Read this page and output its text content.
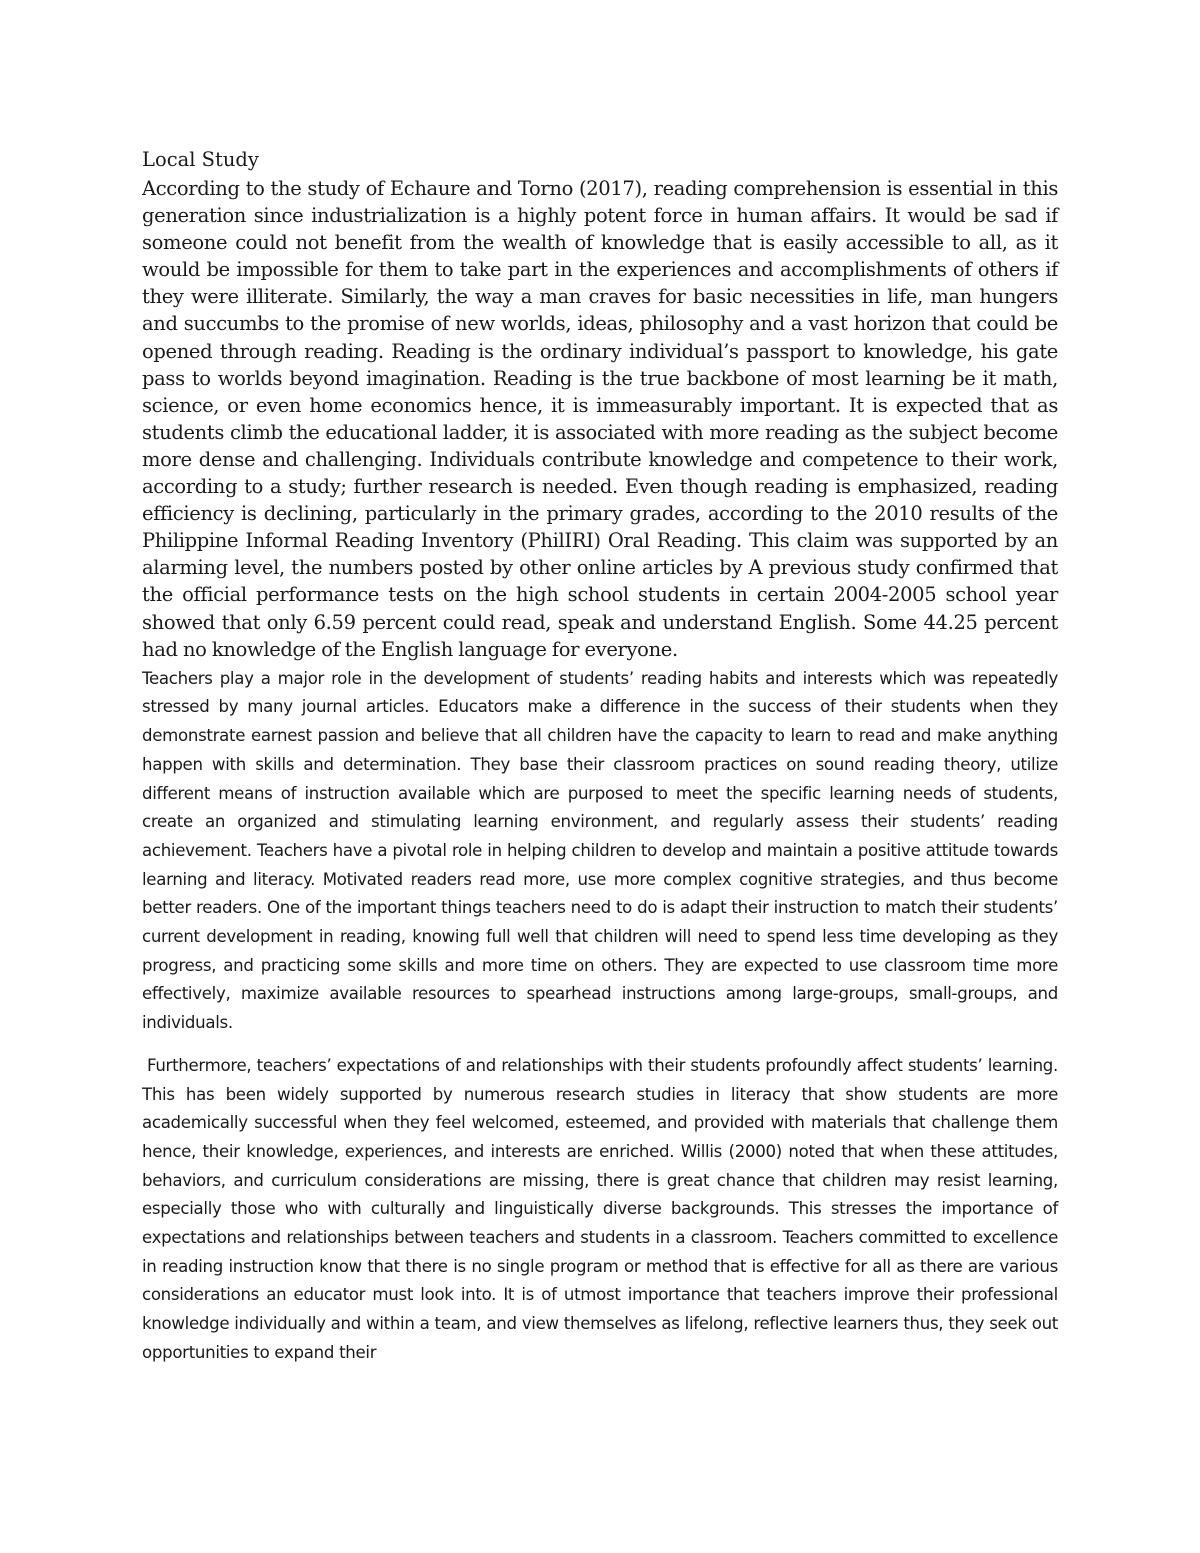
Local Study

According to the study of Echaure and Torno (2017), reading comprehension is essential in this generation since industrialization is a highly potent force in human affairs. It would be sad if someone could not benefit from the wealth of knowledge that is easily accessible to all, as it would be impossible for them to take part in the experiences and accomplishments of others if they were illiterate. Similarly, the way a man craves for basic necessities in life, man hungers and succumbs to the promise of new worlds, ideas, philosophy and a vast horizon that could be opened through reading. Reading is the ordinary individual’s passport to knowledge, his gate pass to worlds beyond imagination. Reading is the true backbone of most learning be it math, science, or even home economics hence, it is immeasurably important. It is expected that as students climb the educational ladder, it is associated with more reading as the subject become more dense and challenging. Individuals contribute knowledge and competence to their work, according to a study; further research is needed. Even though reading is emphasized, reading efficiency is declining, particularly in the primary grades, according to the 2010 results of the Philippine Informal Reading Inventory (PhilIRI) Oral Reading. This claim was supported by an alarming level, the numbers posted by other online articles by A previous study confirmed that the official performance tests on the high school students in certain 2004-2005 school year showed that only 6.59 percent could read, speak and understand English. Some 44.25 percent had no knowledge of the English language for everyone.

Teachers play a major role in the development of students’ reading habits and interests which was repeatedly stressed by many journal articles. Educators make a difference in the success of their students when they demonstrate earnest passion and believe that all children have the capacity to learn to read and make anything happen with skills and determination. They base their classroom practices on sound reading theory, utilize different means of instruction available which are purposed to meet the specific learning needs of students, create an organized and stimulating learning environment, and regularly assess their students’ reading achievement. Teachers have a pivotal role in helping children to develop and maintain a positive attitude towards learning and literacy. Motivated readers read more, use more complex cognitive strategies, and thus become better readers. One of the important things teachers need to do is adapt their instruction to match their students’ current development in reading, knowing full well that children will need to spend less time developing as they progress, and practicing some skills and more time on others. They are expected to use classroom time more effectively, maximize available resources to spearhead instructions among large-groups, small-groups, and individuals.

Furthermore, teachers’ expectations of and relationships with their students profoundly affect students’ learning. This has been widely supported by numerous research studies in literacy that show students are more academically successful when they feel welcomed, esteemed, and provided with materials that challenge them hence, their knowledge, experiences, and interests are enriched. Willis (2000) noted that when these attitudes, behaviors, and curriculum considerations are missing, there is great chance that children may resist learning, especially those who with culturally and linguistically diverse backgrounds. This stresses the importance of expectations and relationships between teachers and students in a classroom. Teachers committed to excellence in reading instruction know that there is no single program or method that is effective for all as there are various considerations an educator must look into. It is of utmost importance that teachers improve their professional knowledge individually and within a team, and view themselves as lifelong, reflective learners thus, they seek out opportunities to expand their
